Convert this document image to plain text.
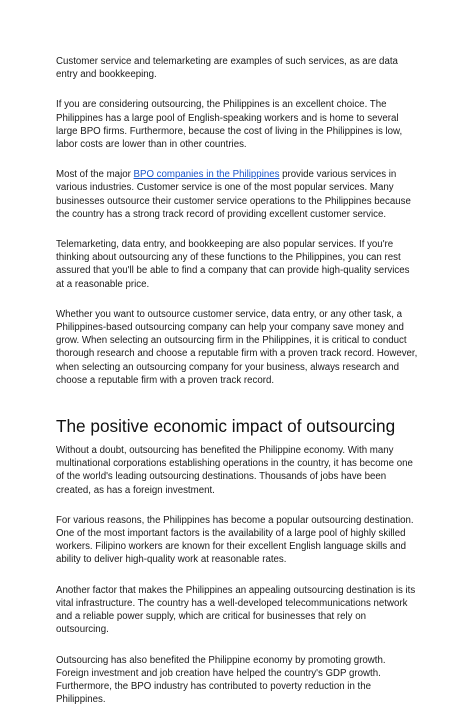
Customer service and telemarketing are examples of such services, as are data entry and bookkeeping.

If you are considering outsourcing, the Philippines is an excellent choice. The Philippines has a large pool of English-speaking workers and is home to several large BPO firms. Furthermore, because the cost of living in the Philippines is low, labor costs are lower than in other countries.

Most of the major BPO companies in the Philippines provide various services in various industries. Customer service is one of the most popular services. Many businesses outsource their customer service operations to the Philippines because the country has a strong track record of providing excellent customer service.

Telemarketing, data entry, and bookkeeping are also popular services. If you're thinking about outsourcing any of these functions to the Philippines, you can rest assured that you'll be able to find a company that can provide high-quality services at a reasonable price.

Whether you want to outsource customer service, data entry, or any other task, a Philippines-based outsourcing company can help your company save money and grow. When selecting an outsourcing firm in the Philippines, it is critical to conduct thorough research and choose a reputable firm with a proven track record. However, when selecting an outsourcing company for your business, always research and choose a reputable firm with a proven track record.

The positive economic impact of outsourcing

Without a doubt, outsourcing has benefited the Philippine economy. With many multinational corporations establishing operations in the country, it has become one of the world's leading outsourcing destinations. Thousands of jobs have been created, as has a foreign investment.

For various reasons, the Philippines has become a popular outsourcing destination. One of the most important factors is the availability of a large pool of highly skilled workers. Filipino workers are known for their excellent English language skills and ability to deliver high-quality work at reasonable rates.

Another factor that makes the Philippines an appealing outsourcing destination is its vital infrastructure. The country has a well-developed telecommunications network and a reliable power supply, which are critical for businesses that rely on outsourcing.

Outsourcing has also benefited the Philippine economy by promoting growth. Foreign investment and job creation have helped the country's GDP growth. Furthermore, the BPO industry has contributed to poverty reduction in the Philippines.
